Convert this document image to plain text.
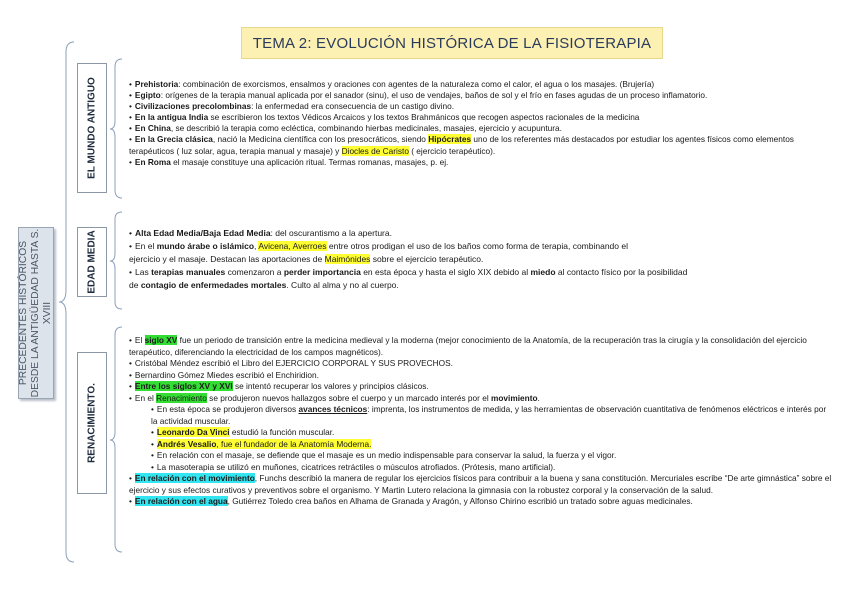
TEMA 2: EVOLUCIÓN HISTÓRICA DE LA FISIOTERAPIA
PRECEDENTES HISTÓRICOS DESDE LA ANTIGÜEDAD HASTA S. XVIII
EL MUNDO ANTIGUO
EDAD MEDIA
RENACIMIENTO.

• Prehistoria: combinación de exorcismos, ensalmos y oraciones con agentes de la naturaleza como el calor, el agua o los masajes. (Brujería)

• Egipto: orígenes de la terapia manual aplicada por el sanador (sinu), el uso de vendajes, baños de sol y el frío en fases agudas de un proceso inflamatorio.

• Civilizaciones precolombinas: la enfermedad era consecuencia de un castigo divino.

• En la antigua India se escribieron los textos Védicos Arcaicos y los textos Brahmánicos que recogen aspectos racionales de la medicina

• En China, se describió la terapia como ecléctica, combinando hierbas medicinales, masajes, ejercicio y acupuntura.

• En la Grecia clásica, nació la Medicina científica con los presocráticos, siendo Hipócrates uno de los referentes más destacados por estudiar los agentes físicos como elementos terapéuticos ( luz solar, agua, terapia manual y masaje) y Diocles de Caristo ( ejercicio terapéutico).

• En Roma el masaje constituye una aplicación ritual. Termas romanas, masajes, p. ej.

• Alta Edad Media/Baja Edad Media: del oscurantismo a la apertura.

• En el mundo árabe o islámico, Avicena, Averroes entre otros prodigan el uso de los baños como forma de terapia, combinando el
ejercicio y el masaje. Destacan las aportaciones de Maimónides sobre el ejercicio terapéutico.

• Las terapias manuales comenzaron a perder importancia en esta época y hasta el siglo XIX debido al miedo al contacto físico por la posibilidad
de contagio de enfermedades mortales. Culto al alma y no al cuerpo.

• El siglo XV fue un periodo de transición entre la medicina medieval y la moderna (mejor conocimiento de la Anatomía, de la recuperación tras la cirugía y la consolidación del ejercicio terapéutico, diferenciando la electricidad de los campos magnéticos).

• Cristóbal Méndez escribió el Libro del EJERCICIO CORPORAL Y SUS PROVECHOS.

• Bernardino Gómez Miedes escribió el Enchiridion.

• Entre los siglos XV y XVI se intentó recuperar los valores y principios clásicos.

• En el Renacimiento se produjeron nuevos hallazgos sobre el cuerpo y un marcado interés por el movimiento.

• En esta época se produjeron diversos avances técnicos: imprenta, los instrumentos de medida, y las herramientas de observación cuantitativa de fenómenos eléctricos e interés por la actividad muscular.

• Leonardo Da Vinci estudió la función muscular.

• Andrés Vesalio, fue el fundador de la Anatomía Moderna.

• En relación con el masaje, se defiende que el masaje es un medio indispensable para conservar la salud, la fuerza y el vigor.

• La masoterapia se utilizó en muñones, cicatrices retráctiles o músculos atrofiados. (Prótesis, mano artificial).

• En relación con el movimiento, Funchs describió la manera de regular los ejercicios físicos para contribuir a la buena y sana constitución. Mercuriales escribe “De arte gimnástica” sobre el ejercicio y sus efectos curativos y preventivos sobre el organismo. Y Martin Lutero relaciona la gimnasia con la robustez corporal y la conservación de la salud.

• En relación con el agua, Gutiérrez Toledo crea baños en Alhama de Granada y Aragón, y Alfonso Chirino escribió un tratado sobre aguas medicinales.
